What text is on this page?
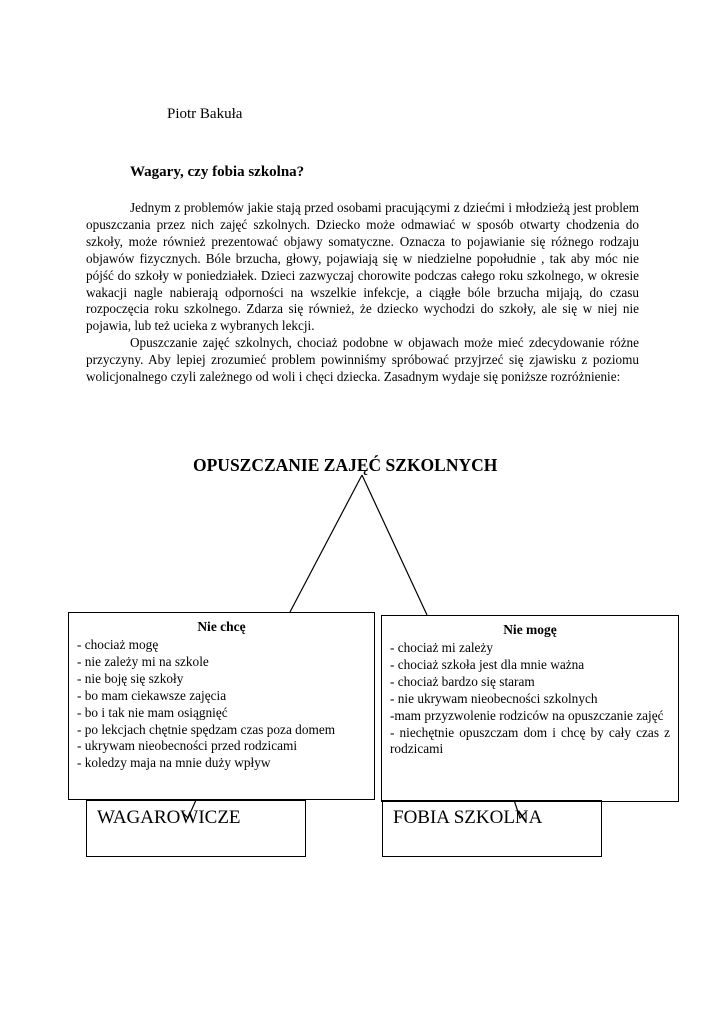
Piotr Bakuła
Wagary, czy fobia szkolna?

Jednym z problemów jakie stają przed osobami pracującymi z dziećmi i młodzieżą jest problem opuszczania przez nich zajęć szkolnych. Dziecko może odmawiać w sposób otwarty chodzenia do szkoły, może również prezentować objawy somatyczne. Oznacza to pojawianie się różnego rodzaju objawów fizycznych. Bóle brzucha, głowy, pojawiają się w niedzielne popołudnie , tak aby móc nie pójść do szkoły w poniedziałek. Dzieci zazwyczaj chorowite podczas całego roku szkolnego, w okresie wakacji nagle nabierają odporności na wszelkie infekcje, a ciągłe bóle brzucha mijają, do czasu rozpoczęcia roku szkolnego. Zdarza się również, że dziecko wychodzi do szkoły, ale się w niej nie pojawia, lub też ucieka z wybranych lekcji.

Opuszczanie zajęć szkolnych, chociaż podobne w objawach może mieć zdecydowanie różne przyczyny. Aby lepiej zrozumieć problem powinniśmy spróbować przyjrzeć się zjawisku z poziomu wolicjonalnego czyli zależnego od woli i chęci dziecka. Zasadnym wydaje się poniższe rozróżnienie:

OPUSZCZANIE ZAJĘĆ SZKOLNYCH
Nie chcę
- chociaż mogę
- nie zależy mi na szkole
- nie boję się szkoły
- bo mam ciekawsze zajęcia
- bo i tak nie mam osiągnięć
- po lekcjach chętnie spędzam czas poza domem
- ukrywam nieobecności przed rodzicami
- koledzy maja na mnie duży wpływ
Nie mogę
- chociaż mi zależy
- chociaż szkoła jest dla mnie ważna
- chociaż bardzo się staram
- nie ukrywam nieobecności szkolnych
-mam przyzwolenie rodziców na opuszczanie zajęć
- niechętnie opuszczam dom i chcę by cały czas z rodzicami
WAGAROWICZE	FOBIA SZKOLNA
